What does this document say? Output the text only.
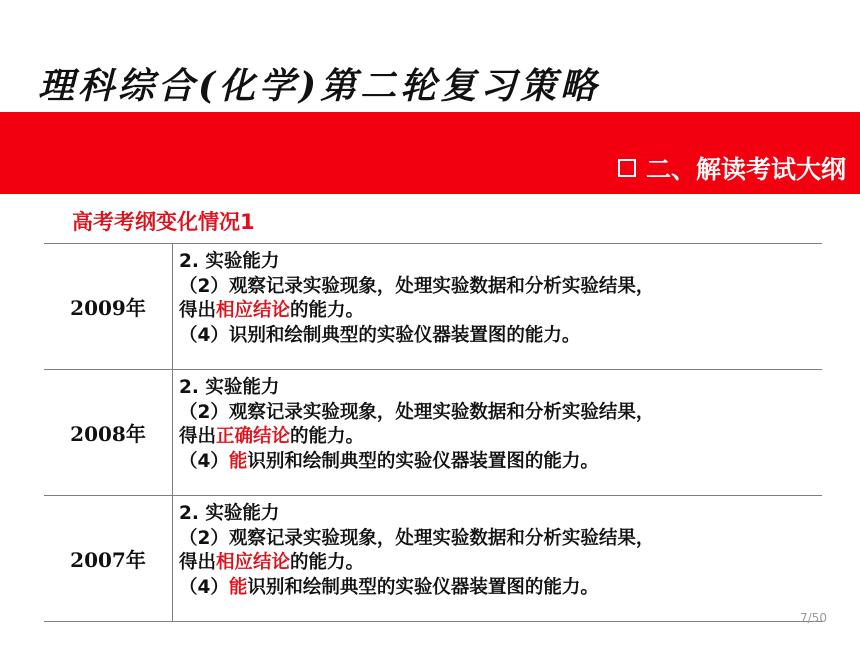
理科综合(化学)第二轮复习策略
二、解读考试大纲
高考考纲变化情况1
2009年	2. 实验能力
（2）观察记录实验现象，处理实验数据和分析实验结果，
得出相应结论的能力。
（4）识别和绘制典型的实验仪器装置图的能力。

2008年	2. 实验能力
（2）观察记录实验现象，处理实验数据和分析实验结果，
得出正确结论的能力。
（4）能识别和绘制典型的实验仪器装置图的能力。

2007年	2. 实验能力
（2）观察记录实验现象，处理实验数据和分析实验结果，
得出相应结论的能力。
（4）能识别和绘制典型的实验仪器装置图的能力。
7/50
